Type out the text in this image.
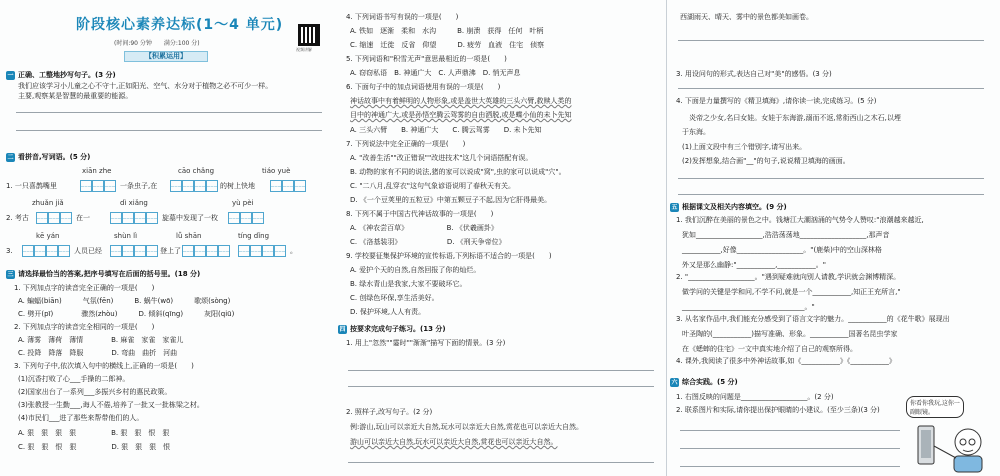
阶段核心素养达标(1～4 单元)
视频讲解
(时间:90 分钟　　满分:100 分)
【积累运用】
一 正确、工整地抄写句子。(3 分)
我们应该学习小儿童之心不守十,正如阳光、空气、水分对于植物之必不可少一样。
主要,观察某是智慧的最重要的能源。
二 看拼音,写词语。(5 分)
xiān zhe	cāo chǎng	tiáo yuè
1. 一只喜鹊嘴里	一条虫子,在	的树上快地
zhuǎn jiǎ	dì xiǎng	yù pèi
2. 考古	在一	旋墓中发现了一枚
kē yán	shùn lì	lǚ shān	tíng dǐng
3.	人员已经	登上了	。
三 请选择最恰当的答案,把序号填写在后面的括号里。(18 分)
1. 下列加点字的读音完全正确的一项是(　　)
A. 蝙蝠(biān)　　　气氛(fēn)　　　B. 蜗牛(wō)　　　歌颂(sòng)
C. 劈开(pī)　　　　骤然(zhòu)　　　D. 倾斜(qīng)　　　灰阳(qiū)
2. 下列加点字的读音完全相同的一项是(　　)
A. 薄雾　薄荷　薄情　　　　B. 麻雀　家雀　家雀儿
C. 投降　降落　降服　　　　D. 弯曲　曲折　河曲
3. 下列句子中,依次填入句中的横线上,正确的一项是(　　)
(1)沉香打败了心___手操的二郎神。
(2)国家出台了一系列___多振兴乡村的惠民政策。
(3)张教授一生勤___,诲人不倦,培养了一批又一批栋梁之材。
(4)市民们___进了那些来帮带他们的人。
A. 狠　狠　狠　狠　　　　　B. 狠　狠　恨　狠
C. 狠　狠　恨　狠　　　　　D. 狠　狠　狠　恨
4. 下列词语书写有误的一项是(　　)
A. 铁如　逐渐　柔和　水沟　　　B. 崩溃　获得　任何　叶柄
C. 缩速　迁徙　反省　仰望　　　D. 疲劳　血液　住宅　侦察
5. 下列词语和"积雪无声"意思最相近的一项是(　　)
A. 窃窃私语　B. 神通广大　C. 人声鼎沸　D. 悄无声息
6. 下面句子中的加点词语使用有误的一项是(　　)
神话故事中有着鲜明的人物形象,或是盖世大英雄的三头六臂,救赎人类的
目中的神通广大,或是孙悟空腾云驾雾的自由洒脱,或是蝶小仙的未卜先知
A. 三头六臂　　B. 神通广大　　C. 腾云驾雾　　D. 未卜先知
7. 下列说法中完全正确的一项是(　　)
A. "改善生活""改正错误""改进技术"这几个词语搭配有误。
B. 动物的家有不同的说法,猪的家可以说成"窝",虫的家可以说成"穴"。
C. "二八月,乱穿衣"这句气象谚语说明了春秋天有关。
D. 《一个豆荚里的五粒豆》中第五颗豆子不起,因为它肝得最美。
8. 下列不属于中国古代神话故事的一项是(　　)
A. 《神农尝百草》　　　　　　B. 《伏羲画卦》
C. 《洛基装羽》　　　　　　　D. 《刑天争帝位》
9. 学校要征集保护环境的宣传标语,下列标语不适合的一项是(　　)
A. 爱护个天的自然,自然回报了你的灿烂。
B. 绿水青山是我家,大家不要破坏它。
C. 创绿色环保,享生活美好。
D. 保护环境,人人有责。
四 按要求完成句子练习。(13 分)
1. 用上"忽然""霎时""渐渐"描写下面的情景。(3 分)
2. 照样子,改写句子。(2 分)
例:游山,玩山可以亲近大自然,玩水可以亲近大自然,赏花也可以亲近大自然。
游山可以亲近大自然,玩水可以亲近大自然,赏花也可以亲近大自然。
西湖雨天、晴天、雾中的景色都美如画卷。
3. 用设问句的形式,表达自己对"美"的感悟。(3 分)
4. 下面是力量撰写的《精卫填海》,请你读一读,完成练习。(5 分)
　炎帝之少女,名曰女娃。女娃于东海游,溺而不返,常衔西山之木石,以堙
于东海。
(1)上面文段中有三个错别字,请写出来。
(2)发挥想象,结合画"__"的句子,说说精卫填海的画面。
五 根据课文及相关内容填空。(9 分)
1. 我们沉醉在美丽的景色之中。钱塘江大潮汹涌的气势令人赞叹:"浪潮越来越近,
犹如___________________,浩浩荡荡地___________________,那声音
___________,好像___________________。"(鹿柴)中的空山深林格
外又是那么幽静:"___________,___________。"
2. "___________________。"遇到疑难就向别人请教,学识就会渊博精深。
做学问的关键是学和问,不学不问,就是一个___________,知正王充所言,"
___________________________________。"
3. 从名家作品中,我们能充分感受到了语言文字的魅力。___________的《花牛歌》展现出
叶圣陶的(___________)描写准确、形象。___________国著名昆虫学家
在《蟋蟀的住宅》一文中真实地介绍了自己的观察所得。
4. 课外,我阅读了很多中外神话故事,如《___________》《___________》
六 综合实践。(5 分)
1. 右图反映的问题是___________________。(2 分)
2. 联系图片和实际,请你提出保护眼睛的小建议。(至少三条)(3 分)
你看你我玩,这你一副眼镜。
